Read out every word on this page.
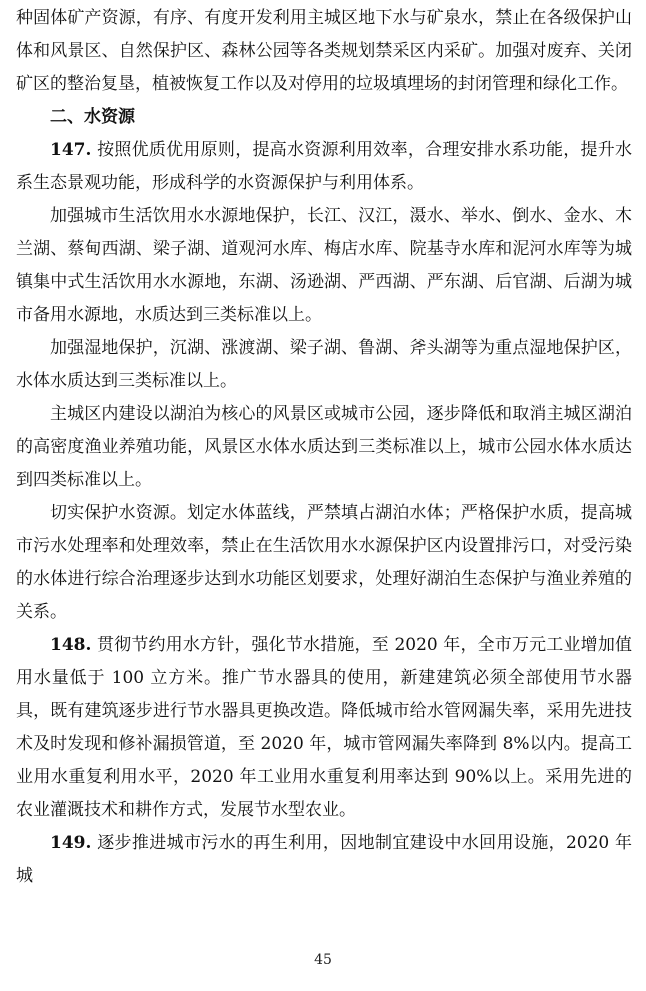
种固体矿产资源，有序、有度开发利用主城区地下水与矿泉水，禁止在各级保护山体和风景区、自然保护区、森林公园等各类规划禁采区内采矿。加强对废弃、关闭矿区的整治复垦，植被恢复工作以及对停用的垃圾填埋场的封闭管理和绿化工作。

二、水资源

147. 按照优质优用原则，提高水资源利用效率，合理安排水系功能，提升水系生态景观功能，形成科学的水资源保护与利用体系。

加强城市生活饮用水水源地保护，长江、汉江，滠水、举水、倒水、金水、木兰湖、蔡甸西湖、梁子湖、道观河水库、梅店水库、院基寺水库和泥河水库等为城镇集中式生活饮用水水源地，东湖、汤逊湖、严西湖、严东湖、后官湖、后湖为城市备用水源地，水质达到三类标准以上。

加强湿地保护，沉湖、涨渡湖、梁子湖、鲁湖、斧头湖等为重点湿地保护区，水体水质达到三类标准以上。

主城区内建设以湖泊为核心的风景区或城市公园，逐步降低和取消主城区湖泊的高密度渔业养殖功能，风景区水体水质达到三类标准以上，城市公园水体水质达到四类标准以上。

切实保护水资源。划定水体蓝线，严禁填占湖泊水体；严格保护水质，提高城市污水处理率和处理效率，禁止在生活饮用水水源保护区内设置排污口，对受污染的水体进行综合治理逐步达到水功能区划要求，处理好湖泊生态保护与渔业养殖的关系。

148. 贯彻节约用水方针，强化节水措施，至 2020 年，全市万元工业增加值用水量低于 100 立方米。推广节水器具的使用，新建建筑必须全部使用节水器具，既有建筑逐步进行节水器具更换改造。降低城市给水管网漏失率，采用先进技术及时发现和修补漏损管道，至 2020 年，城市管网漏失率降到 8%以内。提高工业用水重复利用水平，2020 年工业用水重复利用率达到 90%以上。采用先进的农业灌溉技术和耕作方式，发展节水型农业。

149. 逐步推进城市污水的再生利用，因地制宜建设中水回用设施，2020 年城

45
